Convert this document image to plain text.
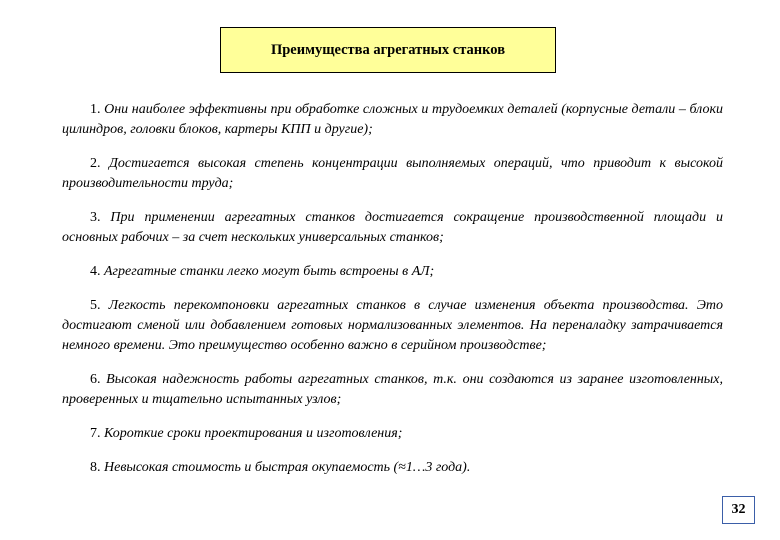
Преимущества агрегатных станков

1. Они наиболее эффективны при обработке сложных и трудоемких деталей (корпусные детали – блоки цилиндров, головки блоков, картеры КПП и другие);

2. Достигается высокая степень концентрации выполняемых операций, что приводит к высокой производительности труда;

3. При применении агрегатных станков достигается сокращение производственной площади и основных рабочих – за счет нескольких универсальных станков;

4. Агрегатные станки легко могут быть встроены в АЛ;

5. Легкость перекомпоновки агрегатных станков в случае изменения объекта производства. Это достигают сменой или добавлением готовых нормализованных элементов. На переналадку затрачивается немного времени. Это преимущество особенно важно в серийном производстве;

6. Высокая надежность работы агрегатных станков, т.к. они создаются из заранее изготовленных, проверенных и тщательно испытанных узлов;

7. Короткие сроки проектирования и изготовления;

8. Невысокая стоимость и быстрая окупаемость (≈1…3 года).

32
